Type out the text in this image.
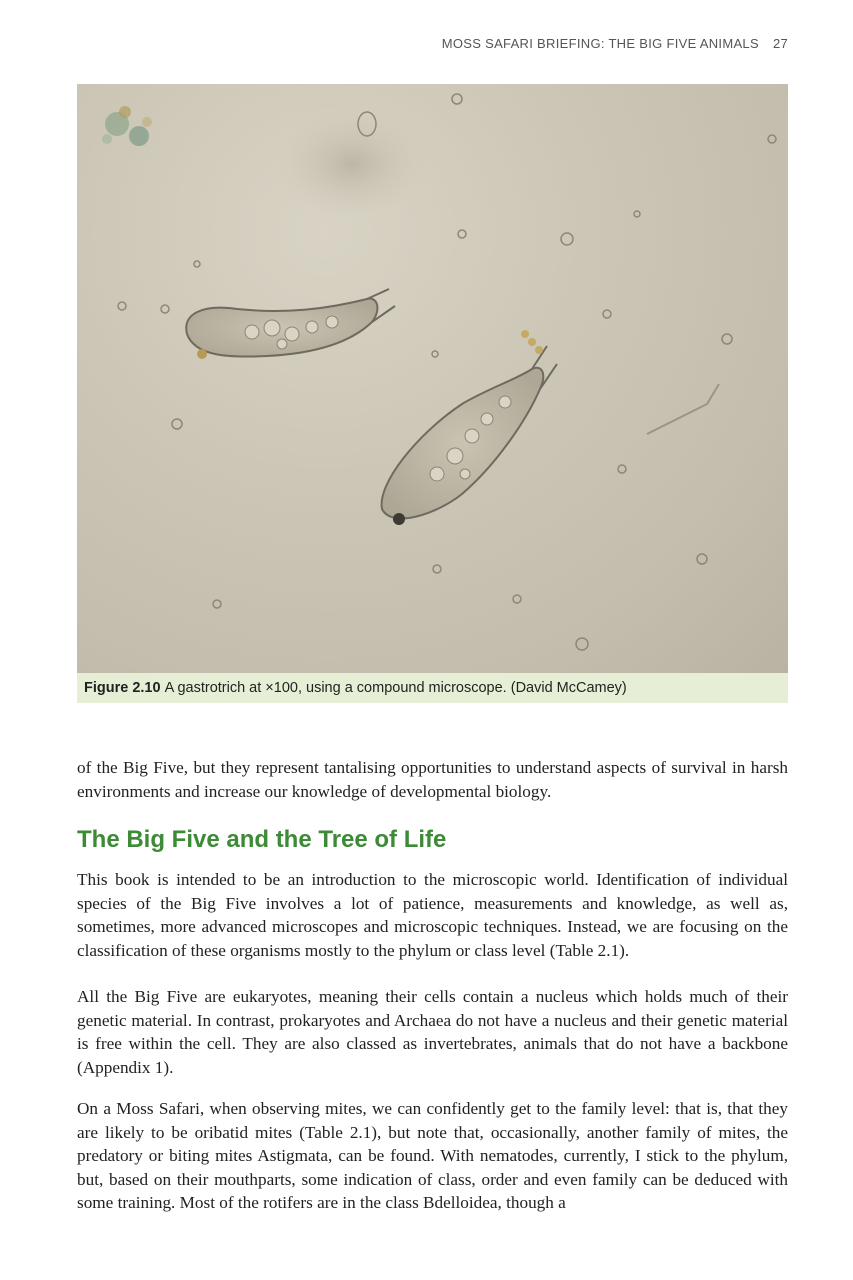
MOSS SAFARI BRIEFING: THE BIG FIVE ANIMALS 27
Figure 2.10 A gastrotrich at ×100, using a compound microscope. (David McCamey)

of the Big Five, but they represent tantalising opportunities to understand aspects of survival in harsh environments and increase our knowledge of developmental biology.

The Big Five and the Tree of Life

This book is intended to be an introduction to the microscopic world. Identification of individual species of the Big Five involves a lot of patience, measurements and knowledge, as well as, sometimes, more advanced microscopes and microscopic techniques. Instead, we are focusing on the classification of these organisms mostly to the phylum or class level (Table 2.1).

All the Big Five are eukaryotes, meaning their cells contain a nucleus which holds much of their genetic material. In contrast, prokaryotes and Archaea do not have a nucleus and their genetic material is free within the cell. They are also classed as invertebrates, animals that do not have a backbone (Appendix 1).

On a Moss Safari, when observing mites, we can confidently get to the family level: that is, that they are likely to be oribatid mites (Table 2.1), but note that, occasionally, another family of mites, the predatory or biting mites Astigmata, can be found. With nematodes, currently, I stick to the phylum, but, based on their mouthparts, some indication of class, order and even family can be deduced with some training. Most of the rotifers are in the class Bdelloidea, though a
